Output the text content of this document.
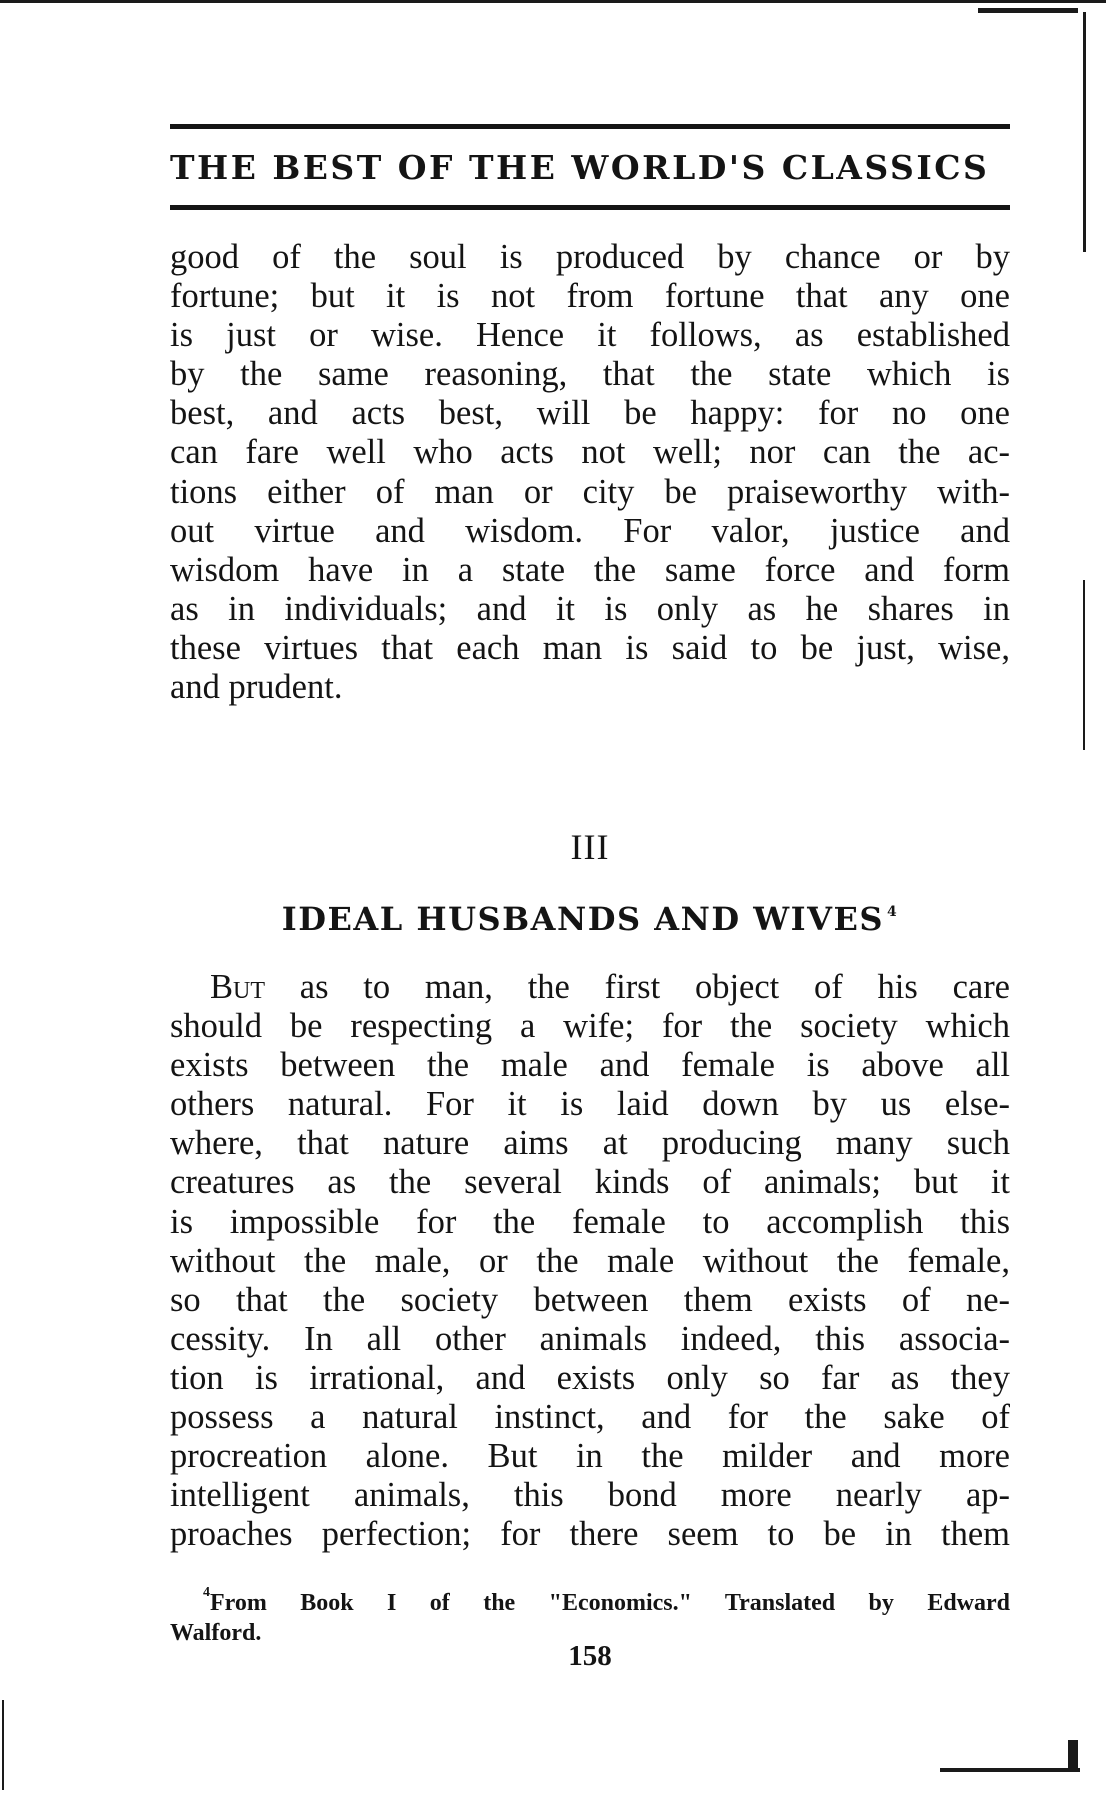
THE BEST OF THE WORLD'S CLASSICS
good of the soul is produced by chance or by
fortune; but it is not from fortune that any one
is just or wise. Hence it follows, as established
by the same reasoning, that the state which is
best, and acts best, will be happy: for no one
can fare well who acts not well; nor can the ac-
tions either of man or city be praiseworthy with-
out virtue and wisdom. For valor, justice and
wisdom have in a state the same force and form
as in individuals; and it is only as he shares in
these virtues that each man is said to be just, wise,
and prudent.
III
IDEAL HUSBANDS AND WIVES $^4$
But as to man, the first object of his care
should be respecting a wife; for the society which
exists between the male and female is above all
others natural. For it is laid down by us else-
where, that nature aims at producing many such
creatures as the several kinds of animals; but it
is impossible for the female to accomplish this
without the male, or the male without the female,
so that the society between them exists of ne-
cessity. In all other animals indeed, this associa-
tion is irrational, and exists only so far as they
possess a natural instinct, and for the sake of
procreation alone. But in the milder and more
intelligent animals, this bond more nearly ap-
proaches perfection; for there seem to be in them
$^4$From Book I of the "Economics." Translated by Edward
Walford.
158
